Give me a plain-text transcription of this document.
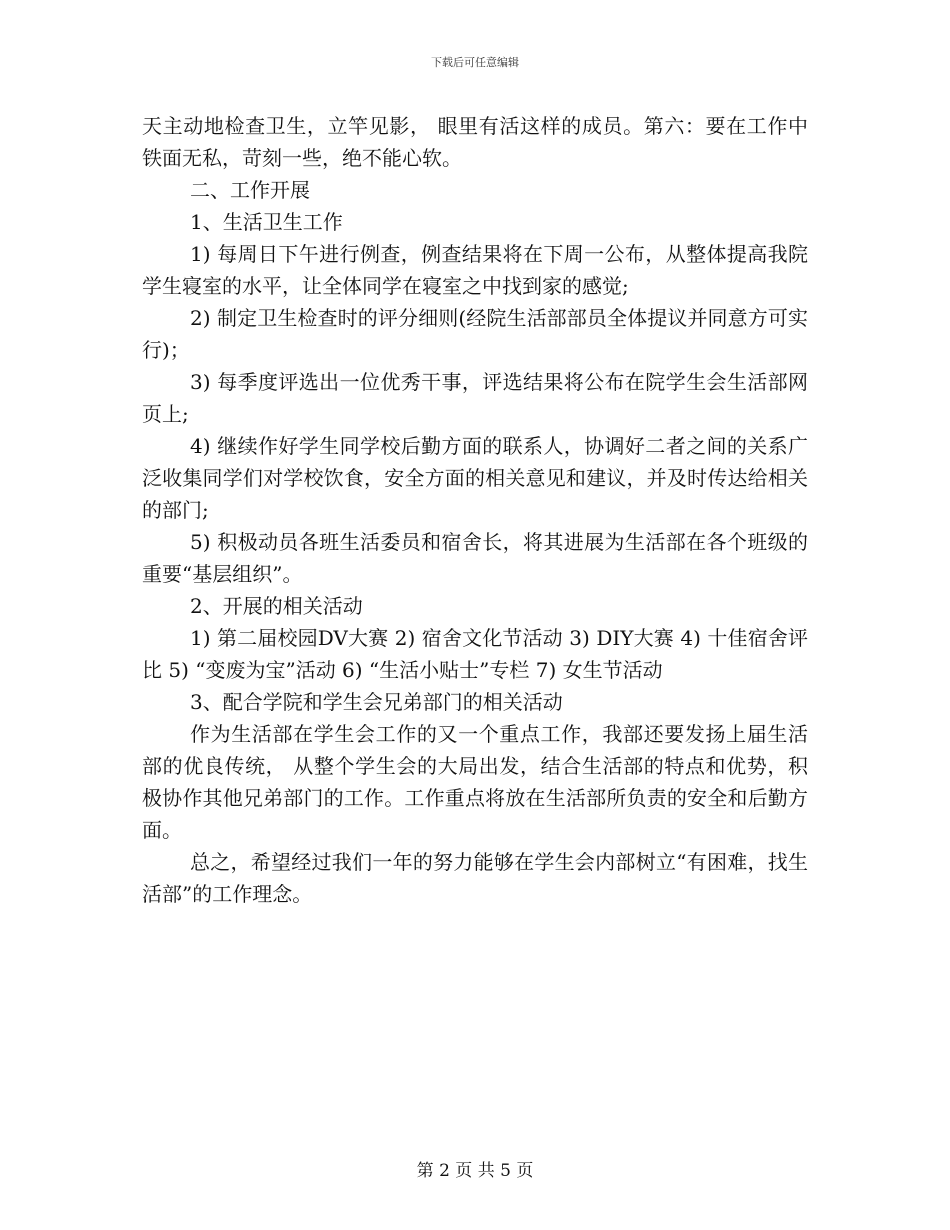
下载后可任意编辑

天主动地检查卫生，立竿见影， 眼里有活这样的成员。第六：要在工作中铁面无私，苛刻一些，绝不能心软。

二、工作开展

1、生活卫生工作

1) 每周日下午进行例查，例查结果将在下周一公布，从整体提高我院学生寝室的水平，让全体同学在寝室之中找到家的感觉;

2) 制定卫生检查时的评分细则(经院生活部部员全体提议并同意方可实行)；

3) 每季度评选出一位优秀干事，评选结果将公布在院学生会生活部网页上;

4) 继续作好学生同学校后勤方面的联系人，协调好二者之间的关系广泛收集同学们对学校饮食，安全方面的相关意见和建议，并及时传达给相关的部门;

5) 积极动员各班生活委员和宿舍长，将其进展为生活部在各个班级的重要“基层组织”。

2、开展的相关活动

1) 第二届校园DV大赛 2) 宿舍文化节活动 3) DIY大赛 4) 十佳宿舍评比 5) “变废为宝”活动 6) “生活小贴士”专栏 7) 女生节活动

3、配合学院和学生会兄弟部门的相关活动

作为生活部在学生会工作的又一个重点工作，我部还要发扬上届生活部的优良传统， 从整个学生会的大局出发，结合生活部的特点和优势，积极协作其他兄弟部门的工作。工作重点将放在生活部所负责的安全和后勤方面。

总之，希望经过我们一年的努力能够在学生会内部树立“有困难，找生活部”的工作理念。

第 2 页 共 5 页
